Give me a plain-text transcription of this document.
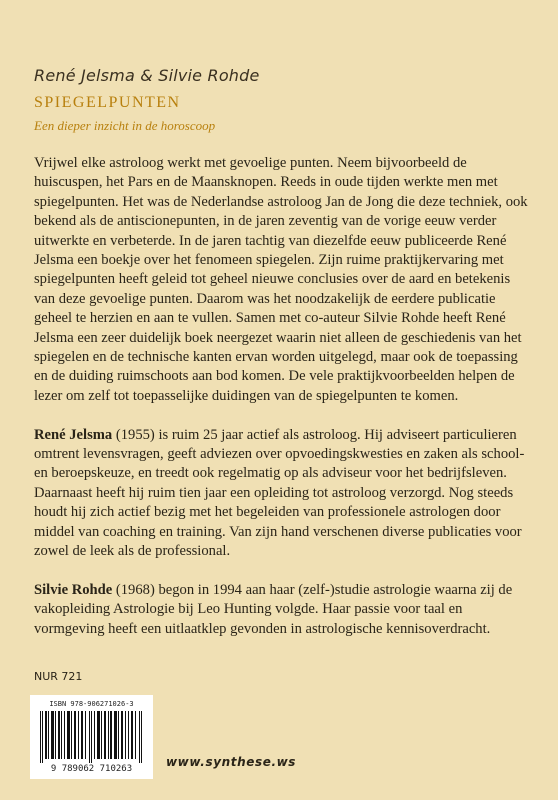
René Jelsma & Silvie Rohde
SPIEGELPUNTEN
Een dieper inzicht in de horoscoop

Vrijwel elke astroloog werkt met gevoelige punten. Neem bijvoorbeeld de huiscuspen, het Pars en de Maansknopen. Reeds in oude tijden werkte men met spiegelpunten. Het was de Nederlandse astroloog Jan de Jong die deze techniek, ook bekend als de antiscionepunten, in de jaren zeventig van de vorige eeuw verder uitwerkte en verbeterde. In de jaren tachtig van diezelfde eeuw publiceerde René Jelsma een boekje over het fenomeen spiegelen. Zijn ruime praktijkervaring met spiegelpunten heeft geleid tot geheel nieuwe conclusies over de aard en betekenis van deze gevoelige punten. Daarom was het noodzakelijk de eerdere publicatie geheel te herzien en aan te vullen. Samen met co-auteur Silvie Rohde heeft René Jelsma een zeer duidelijk boek neergezet waarin niet alleen de geschiedenis van het spiegelen en de technische kanten ervan worden uitgelegd, maar ook de toepassing en de duiding ruimschoots aan bod komen. De vele praktijkvoorbeelden helpen de lezer om zelf tot toepasselijke duidingen van de spiegelpunten te komen.

René Jelsma (1955) is ruim 25 jaar actief als astroloog. Hij adviseert particulieren omtrent levensvragen, geeft adviezen over opvoedingskwesties en zaken als school- en beroepskeuze, en treedt ook regelmatig op als adviseur voor het bedrijfsleven. Daarnaast heeft hij ruim tien jaar een opleiding tot astroloog verzorgd. Nog steeds houdt hij zich actief bezig met het begeleiden van professionele astrologen door middel van coaching en training. Van zijn hand verschenen diverse publicaties voor zowel de leek als de professional.

Silvie Rohde (1968) begon in 1994 aan haar (zelf-)studie astrologie waarna zij de vakopleiding Astrologie bij Leo Hunting volgde. Haar passie voor taal en vormgeving heeft een uitlaatklep gevonden in astrologische kennisoverdracht.

NUR 721
ISBN 978-906271026-3
9 789062 710263	www.synthese.ws
